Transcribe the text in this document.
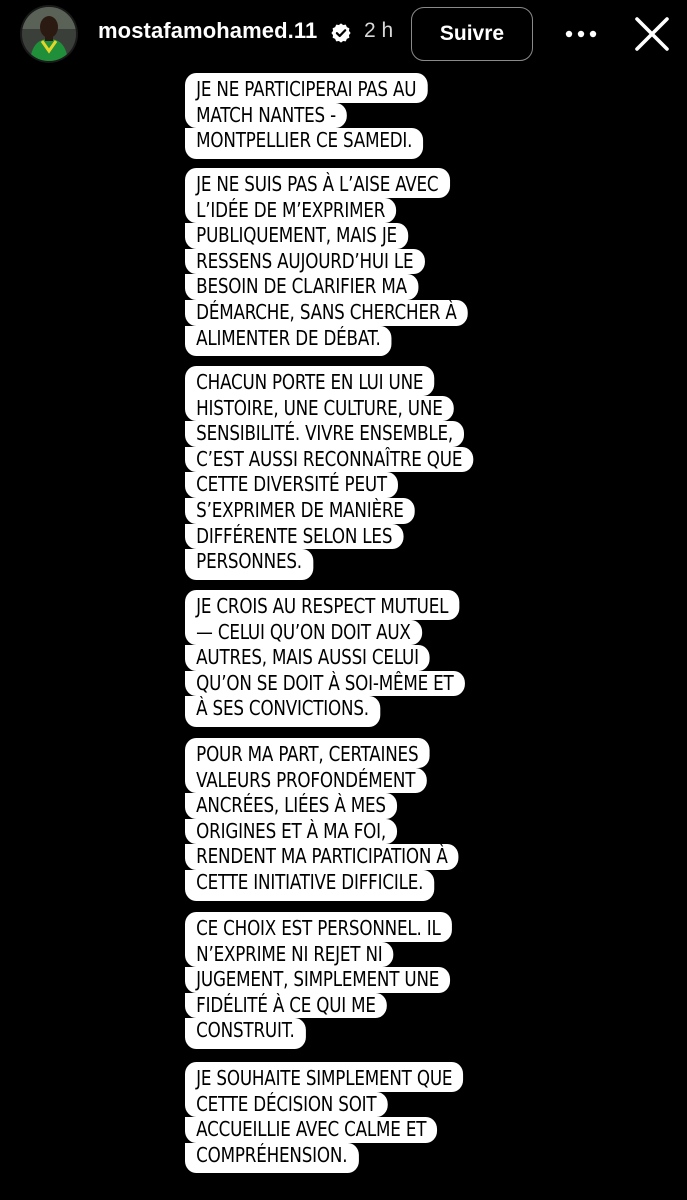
mostafamohamed.11 2 h	Suivre
JE NE PARTICIPERAI PAS AU
MATCH NANTES -
MONTPELLIER CE SAMEDI.
JE NE SUIS PAS À L’AISE AVEC
L’IDÉE DE M’EXPRIMER
PUBLIQUEMENT, MAIS JE
RESSENS AUJOURD’HUI LE
BESOIN DE CLARIFIER MA
DÉMARCHE, SANS CHERCHER À
ALIMENTER DE DÉBAT.
CHACUN PORTE EN LUI UNE
HISTOIRE, UNE CULTURE, UNE
SENSIBILITÉ. VIVRE ENSEMBLE,
C’EST AUSSI RECONNAÎTRE QUE
CETTE DIVERSITÉ PEUT
S’EXPRIMER DE MANIÈRE
DIFFÉRENTE SELON LES
PERSONNES.
JE CROIS AU RESPECT MUTUEL
— CELUI QU’ON DOIT AUX
AUTRES, MAIS AUSSI CELUI
QU’ON SE DOIT À SOI-MÊME ET
À SES CONVICTIONS.
POUR MA PART, CERTAINES
VALEURS PROFONDÉMENT
ANCRÉES, LIÉES À MES
ORIGINES ET À MA FOI,
RENDENT MA PARTICIPATION À
CETTE INITIATIVE DIFFICILE.
CE CHOIX EST PERSONNEL. IL
N’EXPRIME NI REJET NI
JUGEMENT, SIMPLEMENT UNE
FIDÉLITÉ À CE QUI ME
CONSTRUIT.
JE SOUHAITE SIMPLEMENT QUE
CETTE DÉCISION SOIT
ACCUEILLIE AVEC CALME ET
COMPRÉHENSION.
